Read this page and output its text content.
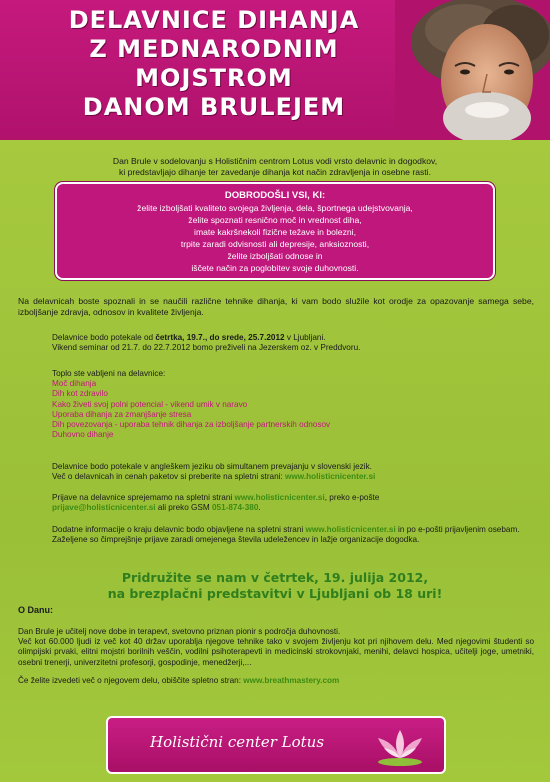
DELAVNICE DIHANJA
Z MEDNARODNIM
MOJSTROM
DANOM BRULEJEM
Dan Brule v sodelovanju s Holističnim centrom Lotus vodi vrsto delavnic in dogodkov,
ki predstavljajo dihanje ter zavedanje dihanja kot način zdravljenja in osebne rasti.
DOBRODOŠLI VSI, KI:
želite izboljšati kvaliteto svojega življenja, dela, športnega udejstvovanja,
želite spoznati resnično moč in vrednost diha,
imate kakršnekoli fizične težave in bolezni,
trpite zaradi odvisnosti ali depresije, anksioznosti,
želite izboljšati odnose in
iščete način za poglobitev svoje duhovnosti.
Na delavnicah boste spoznali in se naučili različne tehnike dihanja, ki vam bodo služile kot orodje za opazovanje samega sebe, izboljšanje zdravja, odnosov in kvalitete življenja.
Delavnice bodo potekale od četrtka, 19.7., do srede, 25.7.2012 v Ljubljani.
Vikend seminar od 21.7. do 22.7.2012 bomo preživeli na Jezerskem oz. v Preddvoru.
Toplo ste vabljeni na delavnice:
Moč dihanja
Dih kot zdravilo
Kako živeti svoj polni potencial - vikend umik v naravo
Uporaba dihanja za zmanjšanje stresa
Dih povezovanja - uporaba tehnik dihanja za izboljšanje partnerskih odnosov
Duhovno dihanje
Delavnice bodo potekale v angleškem jeziku ob simultanem prevajanju v slovenski jezik.
Več o delavnicah in cenah paketov si preberite na spletni strani: www.holisticnicenter.si
Prijave na delavnice sprejemamo na spletni strani www.holisticnicenter.si, preko e-pošte
prijave@holisticnicenter.si ali preko GSM 051-874-380.
Dodatne informacije o kraju delavnic bodo objavljene na spletni strani www.holisticnicenter.si in po e-pošti prijavljenim osebam. Zaželjene so čimprejšnje prijave zaradi omejenega števila udeležencev in lažje organizacije dogodka.
Pridružite se nam v četrtek, 19. julija 2012,
na brezplačni predstavitvi v Ljubljani ob 18 uri!
O Danu:
Dan Brule je učitelj nove dobe in terapevt, svetovno priznan pionir s področja duhovnosti.
Več kot 60.000 ljudi iz več kot 40 držav uporablja njegove tehnike tako v svojem življenju kot pri njihovem delu. Med njegovimi študenti so olimpijski prvaki, elitni mojstri borilnih veščin, vodilni psihoterapevti in medicinski strokovnjaki, menihi, delavci hospica, učitelji joge, umetniki, osebni trenerji, univerzitetni profesorji, gospodinje, menedžerji,...
Če želite izvedeti več o njegovem delu, obiščite spletno stran: www.breathmastery.com
Holistični center Lotus
